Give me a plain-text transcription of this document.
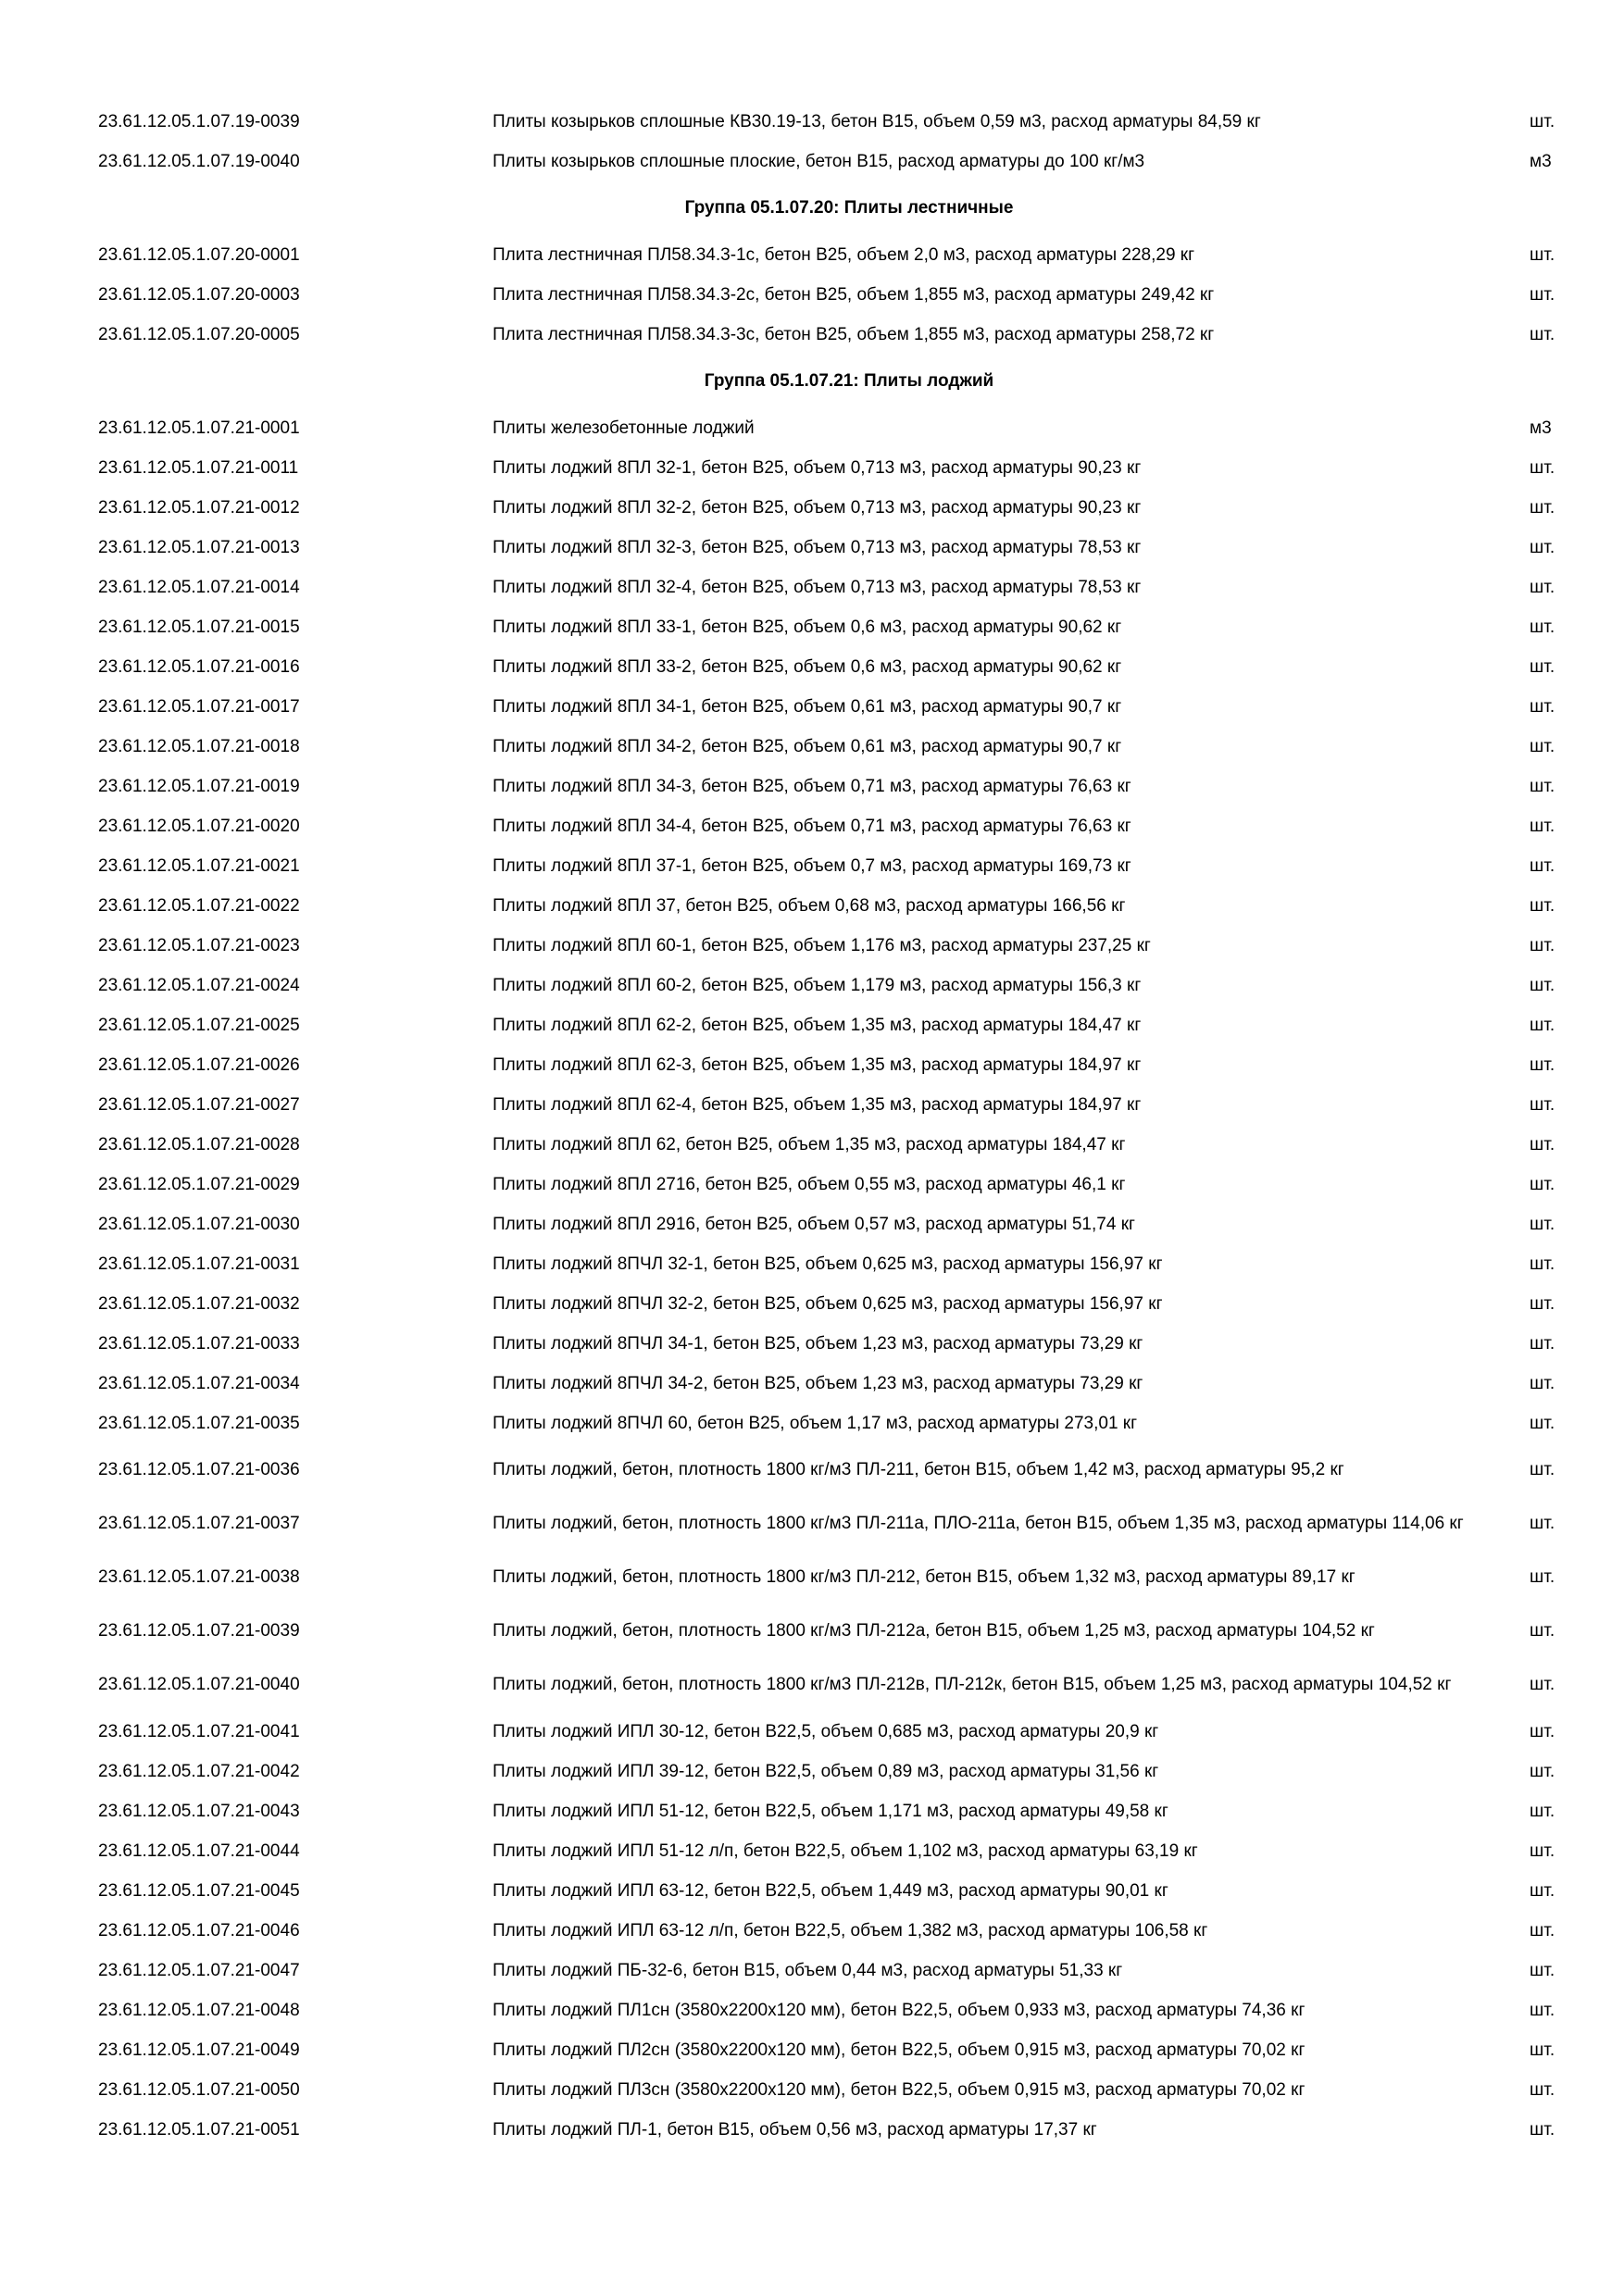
23.61.12.05.1.07.19-0039	Плиты козырьков сплошные КВ30.19-13, бетон В15, объем 0,59 м3, расход арматуры 84,59 кг	шт.
23.61.12.05.1.07.19-0040	Плиты козырьков сплошные плоские, бетон В15, расход арматуры до 100 кг/м3	м3
Группа 05.1.07.20: Плиты лестничные
23.61.12.05.1.07.20-0001	Плита лестничная ПЛ58.34.3-1с, бетон В25, объем 2,0 м3, расход арматуры 228,29 кг	шт.
23.61.12.05.1.07.20-0003	Плита лестничная ПЛ58.34.3-2с, бетон В25, объем 1,855 м3, расход арматуры 249,42 кг	шт.
23.61.12.05.1.07.20-0005	Плита лестничная ПЛ58.34.3-3с, бетон В25, объем 1,855 м3, расход арматуры 258,72 кг	шт.
Группа 05.1.07.21: Плиты лоджий
23.61.12.05.1.07.21-0001	Плиты железобетонные лоджий	м3
23.61.12.05.1.07.21-0011	Плиты лоджий 8ПЛ 32-1, бетон В25, объем 0,713 м3, расход арматуры 90,23 кг	шт.
23.61.12.05.1.07.21-0012	Плиты лоджий 8ПЛ 32-2, бетон В25, объем 0,713 м3, расход арматуры 90,23 кг	шт.
23.61.12.05.1.07.21-0013	Плиты лоджий 8ПЛ 32-3, бетон В25, объем 0,713 м3, расход арматуры 78,53 кг	шт.
23.61.12.05.1.07.21-0014	Плиты лоджий 8ПЛ 32-4, бетон В25, объем 0,713 м3, расход арматуры 78,53 кг	шт.
23.61.12.05.1.07.21-0015	Плиты лоджий 8ПЛ 33-1, бетон В25, объем 0,6 м3, расход арматуры 90,62 кг	шт.
23.61.12.05.1.07.21-0016	Плиты лоджий 8ПЛ 33-2, бетон В25, объем 0,6 м3, расход арматуры 90,62 кг	шт.
23.61.12.05.1.07.21-0017	Плиты лоджий 8ПЛ 34-1, бетон В25, объем 0,61 м3, расход арматуры 90,7 кг	шт.
23.61.12.05.1.07.21-0018	Плиты лоджий 8ПЛ 34-2, бетон В25, объем 0,61 м3, расход арматуры 90,7 кг	шт.
23.61.12.05.1.07.21-0019	Плиты лоджий 8ПЛ 34-3, бетон В25, объем 0,71 м3, расход арматуры 76,63 кг	шт.
23.61.12.05.1.07.21-0020	Плиты лоджий 8ПЛ 34-4, бетон В25, объем 0,71 м3, расход арматуры 76,63 кг	шт.
23.61.12.05.1.07.21-0021	Плиты лоджий 8ПЛ 37-1, бетон В25, объем 0,7 м3, расход арматуры 169,73 кг	шт.
23.61.12.05.1.07.21-0022	Плиты лоджий 8ПЛ 37, бетон В25, объем 0,68 м3, расход арматуры 166,56 кг	шт.
23.61.12.05.1.07.21-0023	Плиты лоджий 8ПЛ 60-1, бетон В25, объем 1,176 м3, расход арматуры 237,25 кг	шт.
23.61.12.05.1.07.21-0024	Плиты лоджий 8ПЛ 60-2, бетон В25, объем 1,179 м3, расход арматуры 156,3 кг	шт.
23.61.12.05.1.07.21-0025	Плиты лоджий 8ПЛ 62-2, бетон В25, объем 1,35 м3, расход арматуры 184,47 кг	шт.
23.61.12.05.1.07.21-0026	Плиты лоджий 8ПЛ 62-3, бетон В25, объем 1,35 м3, расход арматуры 184,97 кг	шт.
23.61.12.05.1.07.21-0027	Плиты лоджий 8ПЛ 62-4, бетон В25, объем 1,35 м3, расход арматуры 184,97 кг	шт.
23.61.12.05.1.07.21-0028	Плиты лоджий 8ПЛ 62, бетон В25, объем 1,35 м3, расход арматуры 184,47 кг	шт.
23.61.12.05.1.07.21-0029	Плиты лоджий 8ПЛ 2716, бетон В25, объем 0,55 м3, расход арматуры 46,1 кг	шт.
23.61.12.05.1.07.21-0030	Плиты лоджий 8ПЛ 2916, бетон В25, объем 0,57 м3, расход арматуры 51,74 кг	шт.
23.61.12.05.1.07.21-0031	Плиты лоджий 8ПЧЛ 32-1, бетон В25, объем 0,625 м3, расход арматуры 156,97 кг	шт.
23.61.12.05.1.07.21-0032	Плиты лоджий 8ПЧЛ 32-2, бетон В25, объем 0,625 м3, расход арматуры 156,97 кг	шт.
23.61.12.05.1.07.21-0033	Плиты лоджий 8ПЧЛ 34-1, бетон В25, объем 1,23 м3, расход арматуры 73,29 кг	шт.
23.61.12.05.1.07.21-0034	Плиты лоджий 8ПЧЛ 34-2, бетон В25, объем 1,23 м3, расход арматуры 73,29 кг	шт.
23.61.12.05.1.07.21-0035	Плиты лоджий 8ПЧЛ 60, бетон В25, объем 1,17 м3, расход арматуры 273,01 кг	шт.
23.61.12.05.1.07.21-0036	Плиты лоджий, бетон, плотность 1800 кг/м3 ПЛ-211, бетон В15, объем 1,42 м3, расход арматуры 95,2 кг	шт.
23.61.12.05.1.07.21-0037	Плиты лоджий, бетон, плотность 1800 кг/м3 ПЛ-211а, ПЛО-211а, бетон В15, объем 1,35 м3, расход арматуры 114,06 кг	шт.
23.61.12.05.1.07.21-0038	Плиты лоджий, бетон, плотность 1800 кг/м3 ПЛ-212, бетон В15, объем 1,32 м3, расход арматуры 89,17 кг	шт.
23.61.12.05.1.07.21-0039	Плиты лоджий, бетон, плотность 1800 кг/м3 ПЛ-212а, бетон В15, объем 1,25 м3, расход арматуры 104,52 кг	шт.
23.61.12.05.1.07.21-0040	Плиты лоджий, бетон, плотность 1800 кг/м3 ПЛ-212в, ПЛ-212к, бетон В15, объем 1,25 м3, расход арматуры 104,52 кг	шт.
23.61.12.05.1.07.21-0041	Плиты лоджий ИПЛ 30-12, бетон В22,5, объем 0,685 м3, расход арматуры 20,9 кг	шт.
23.61.12.05.1.07.21-0042	Плиты лоджий ИПЛ 39-12, бетон В22,5, объем 0,89 м3, расход арматуры 31,56 кг	шт.
23.61.12.05.1.07.21-0043	Плиты лоджий ИПЛ 51-12, бетон В22,5, объем 1,171 м3, расход арматуры 49,58 кг	шт.
23.61.12.05.1.07.21-0044	Плиты лоджий ИПЛ 51-12 л/п, бетон В22,5, объем 1,102 м3, расход арматуры 63,19 кг	шт.
23.61.12.05.1.07.21-0045	Плиты лоджий ИПЛ 63-12, бетон В22,5, объем 1,449 м3, расход арматуры 90,01 кг	шт.
23.61.12.05.1.07.21-0046	Плиты лоджий ИПЛ 63-12 л/п, бетон В22,5, объем 1,382 м3, расход арматуры 106,58 кг	шт.
23.61.12.05.1.07.21-0047	Плиты лоджий ПБ-32-6, бетон В15, объем 0,44 м3, расход арматуры 51,33 кг	шт.
23.61.12.05.1.07.21-0048	Плиты лоджий ПЛ1сн (3580х2200х120 мм), бетон В22,5, объем 0,933 м3, расход арматуры 74,36 кг	шт.
23.61.12.05.1.07.21-0049	Плиты лоджий ПЛ2сн (3580х2200х120 мм), бетон В22,5, объем 0,915 м3, расход арматуры 70,02 кг	шт.
23.61.12.05.1.07.21-0050	Плиты лоджий ПЛ3сн (3580х2200х120 мм), бетон В22,5, объем 0,915 м3, расход арматуры 70,02 кг	шт.
23.61.12.05.1.07.21-0051	Плиты лоджий ПЛ-1, бетон В15, объем 0,56 м3, расход арматуры 17,37 кг	шт.
